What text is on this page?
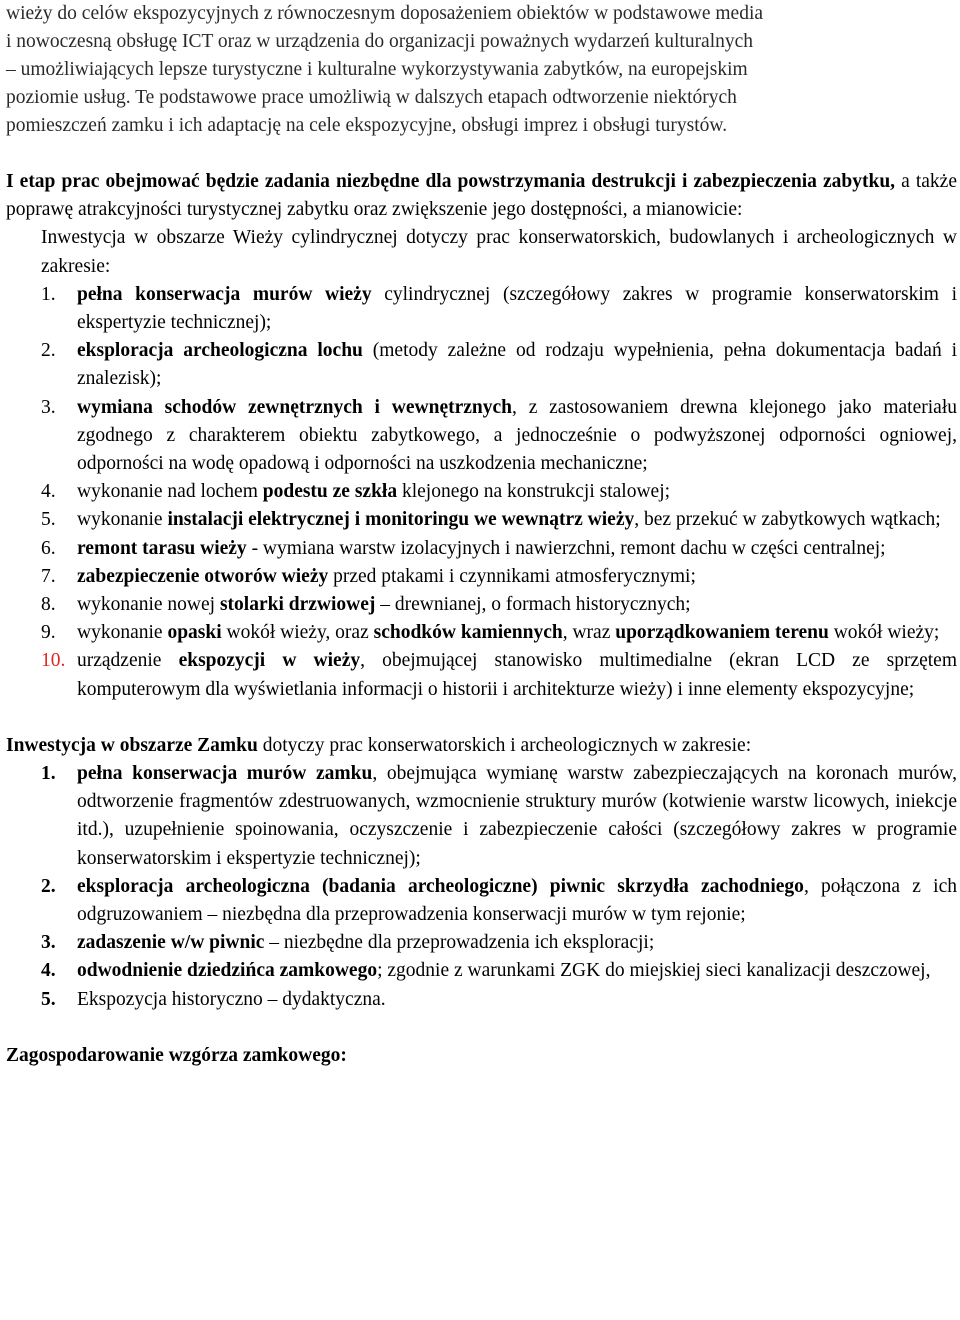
wieży do celów ekspozycyjnych z równoczesnym doposażeniem obiektów w podstawowe media
i nowoczesną obsługę ICT oraz w urządzenia do organizacji poważnych wydarzeń kulturalnych
– umożliwiających lepsze turystyczne i kulturalne wykorzystywania zabytków, na europejskim
poziomie usług. Te podstawowe prace umożliwią w dalszych etapach odtworzenie niektórych
pomieszczeń zamku i ich adaptację na cele ekspozycyjne, obsługi imprez i obsługi turystów.

I etap prac obejmować będzie zadania niezbędne dla powstrzymania destrukcji i zabezpieczenia zabytku, a także poprawę atrakcyjności turystycznej zabytku oraz zwiększenie jego dostępności, a mianowicie:

Inwestycja w obszarze Wieży cylindrycznej dotyczy prac konserwatorskich, budowlanych i archeologicznych w zakresie:

1. pełna konserwacja murów wieży cylindrycznej (szczegółowy zakres w programie konserwatorskim i ekspertyzie technicznej);
2. eksploracja archeologiczna lochu (metody zależne od rodzaju wypełnienia, pełna dokumentacja badań i znalezisk);
3. wymiana schodów zewnętrznych i wewnętrznych, z zastosowaniem drewna klejonego jako materiału zgodnego z charakterem obiektu zabytkowego, a jednocześnie o podwyższonej odporności ogniowej, odporności na wodę opadową i odporności na uszkodzenia mechaniczne;
4. wykonanie nad lochem podestu ze szkła klejonego na konstrukcji stalowej;
5. wykonanie instalacji elektrycznej i monitoringu we wewnątrz wieży, bez przekuć w zabytkowych wątkach;
6. remont tarasu wieży - wymiana warstw izolacyjnych i nawierzchni, remont dachu w części centralnej;
7. zabezpieczenie otworów wieży przed ptakami i czynnikami atmosferycznymi;
8. wykonanie nowej stolarki drzwiowej – drewnianej, o formach historycznych;
9. wykonanie opaski wokół wieży, oraz schodków kamiennych, wraz uporządkowaniem terenu wokół wieży;
10. urządzenie ekspozycji w wieży, obejmującej stanowisko multimedialne (ekran LCD ze sprzętem komputerowym dla wyświetlania informacji o historii i architekturze wieży) i inne elementy ekspozycyjne;

Inwestycja w obszarze Zamku dotyczy prac konserwatorskich i archeologicznych w zakresie:

1. pełna konserwacja murów zamku, obejmująca wymianę warstw zabezpieczających na koronach murów, odtworzenie fragmentów zdestruowanych, wzmocnienie struktury murów (kotwienie warstw licowych, iniekcje itd.), uzupełnienie spoinowania, oczyszczenie i zabezpieczenie całości (szczegółowy zakres w programie konserwatorskim i ekspertyzie technicznej);
2. eksploracja archeologiczna (badania archeologiczne) piwnic skrzydła zachodniego, połączona z ich odgruzowaniem – niezbędna dla przeprowadzenia konserwacji murów w tym rejonie;
3. zadaszenie w/w piwnic – niezbędne dla przeprowadzenia ich eksploracji;
4. odwodnienie dziedzińca zamkowego; zgodnie z warunkami ZGK do miejskiej sieci kanalizacji deszczowej,
5. Ekspozycja historyczno – dydaktyczna.

Zagospodarowanie wzgórza zamkowego:
